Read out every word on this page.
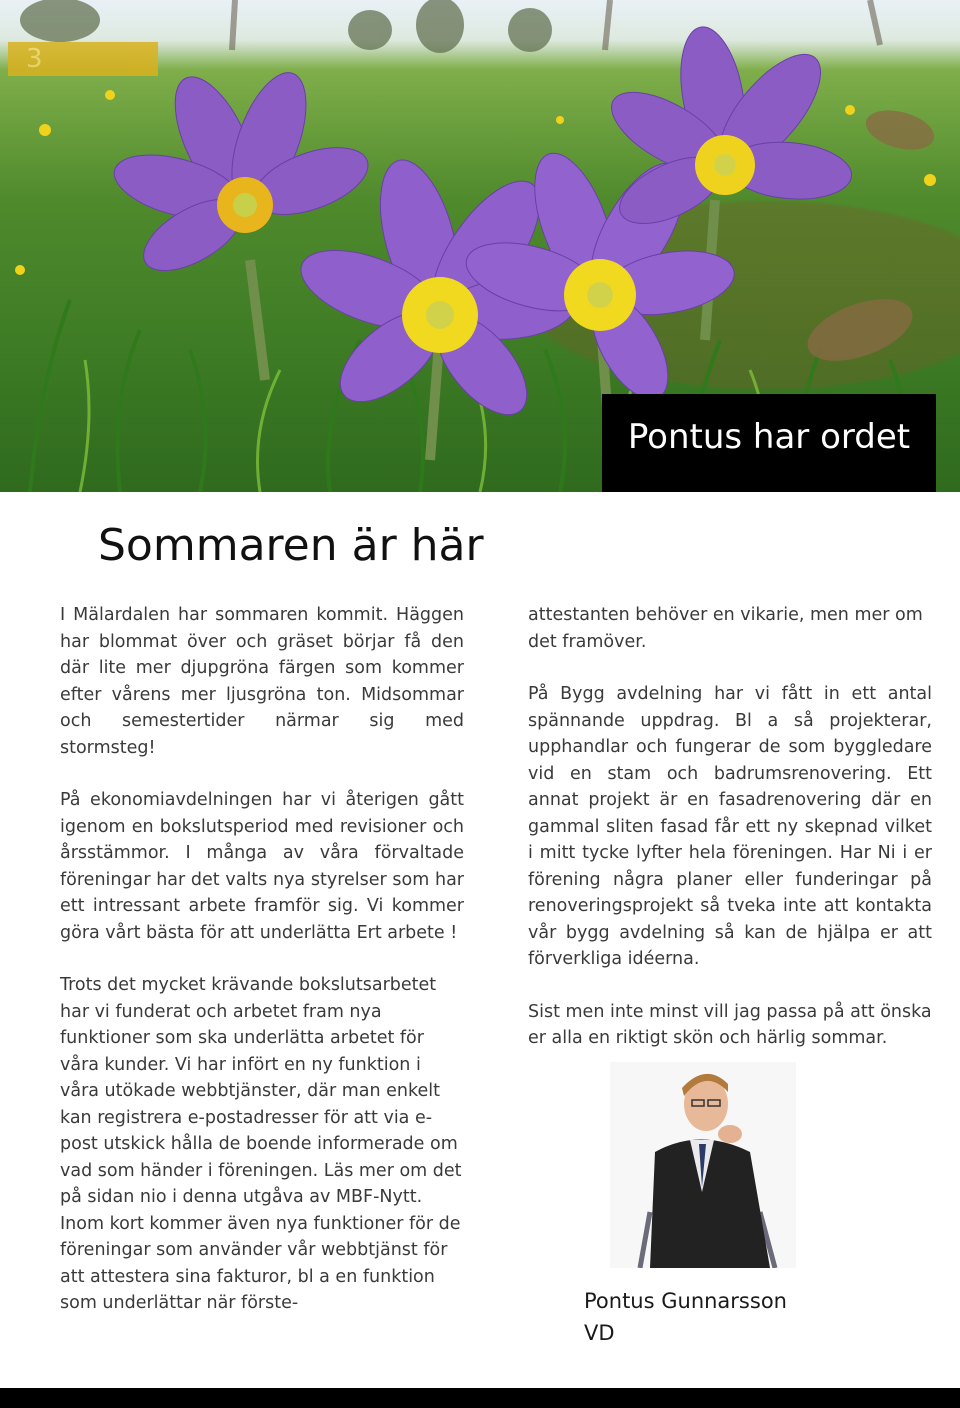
3
Pontus har ordet
Sommaren är här

I Mälardalen har sommaren kommit. Häggen har blommat över och gräset börjar få den där lite mer djupgröna färgen som kommer efter vårens mer ljusgröna ton. Midsommar och semestertider närmar sig med stormsteg!

På ekonomiavdelningen har vi återigen gått igenom en bokslutsperiod med revisioner och årsstämmor. I många av våra förvaltade föreningar har det valts nya styrelser som har ett intressant arbete framför sig. Vi kommer göra vårt bästa för att underlätta Ert arbete !

Trots det mycket krävande bokslutsarbetet har vi funderat och arbetet fram nya funktioner som ska underlätta arbetet för våra kunder. Vi har infört en ny funktion i våra utökade webbtjänster, där man enkelt kan registrera e-postadresser för att via e-post utskick hålla de boende informerade om vad som händer i föreningen. Läs mer om det på sidan nio i denna utgåva av MBF-Nytt. Inom kort kommer även nya funktioner för de föreningar som använder vår webbtjänst för att attestera sina fakturor, bl a en funktion som underlättar när förste-

attestanten behöver en vikarie, men mer om det framöver.

På Bygg avdelning har vi fått in ett antal spännande uppdrag. Bl a så projekterar, upphandlar och fungerar de som byggledare vid en stam och badrumsrenovering. Ett annat projekt är en fasadrenovering där en gammal sliten fasad får ett ny skepnad vilket i mitt tycke lyfter hela föreningen. Har Ni i er förening några planer eller funderingar på renoveringsprojekt så tveka inte att kontakta vår bygg avdelning så kan de hjälpa er att förverkliga idéerna.

Sist men inte minst vill jag passa på att önska er alla en riktigt skön och härlig sommar.

Pontus Gunnarsson
VD
